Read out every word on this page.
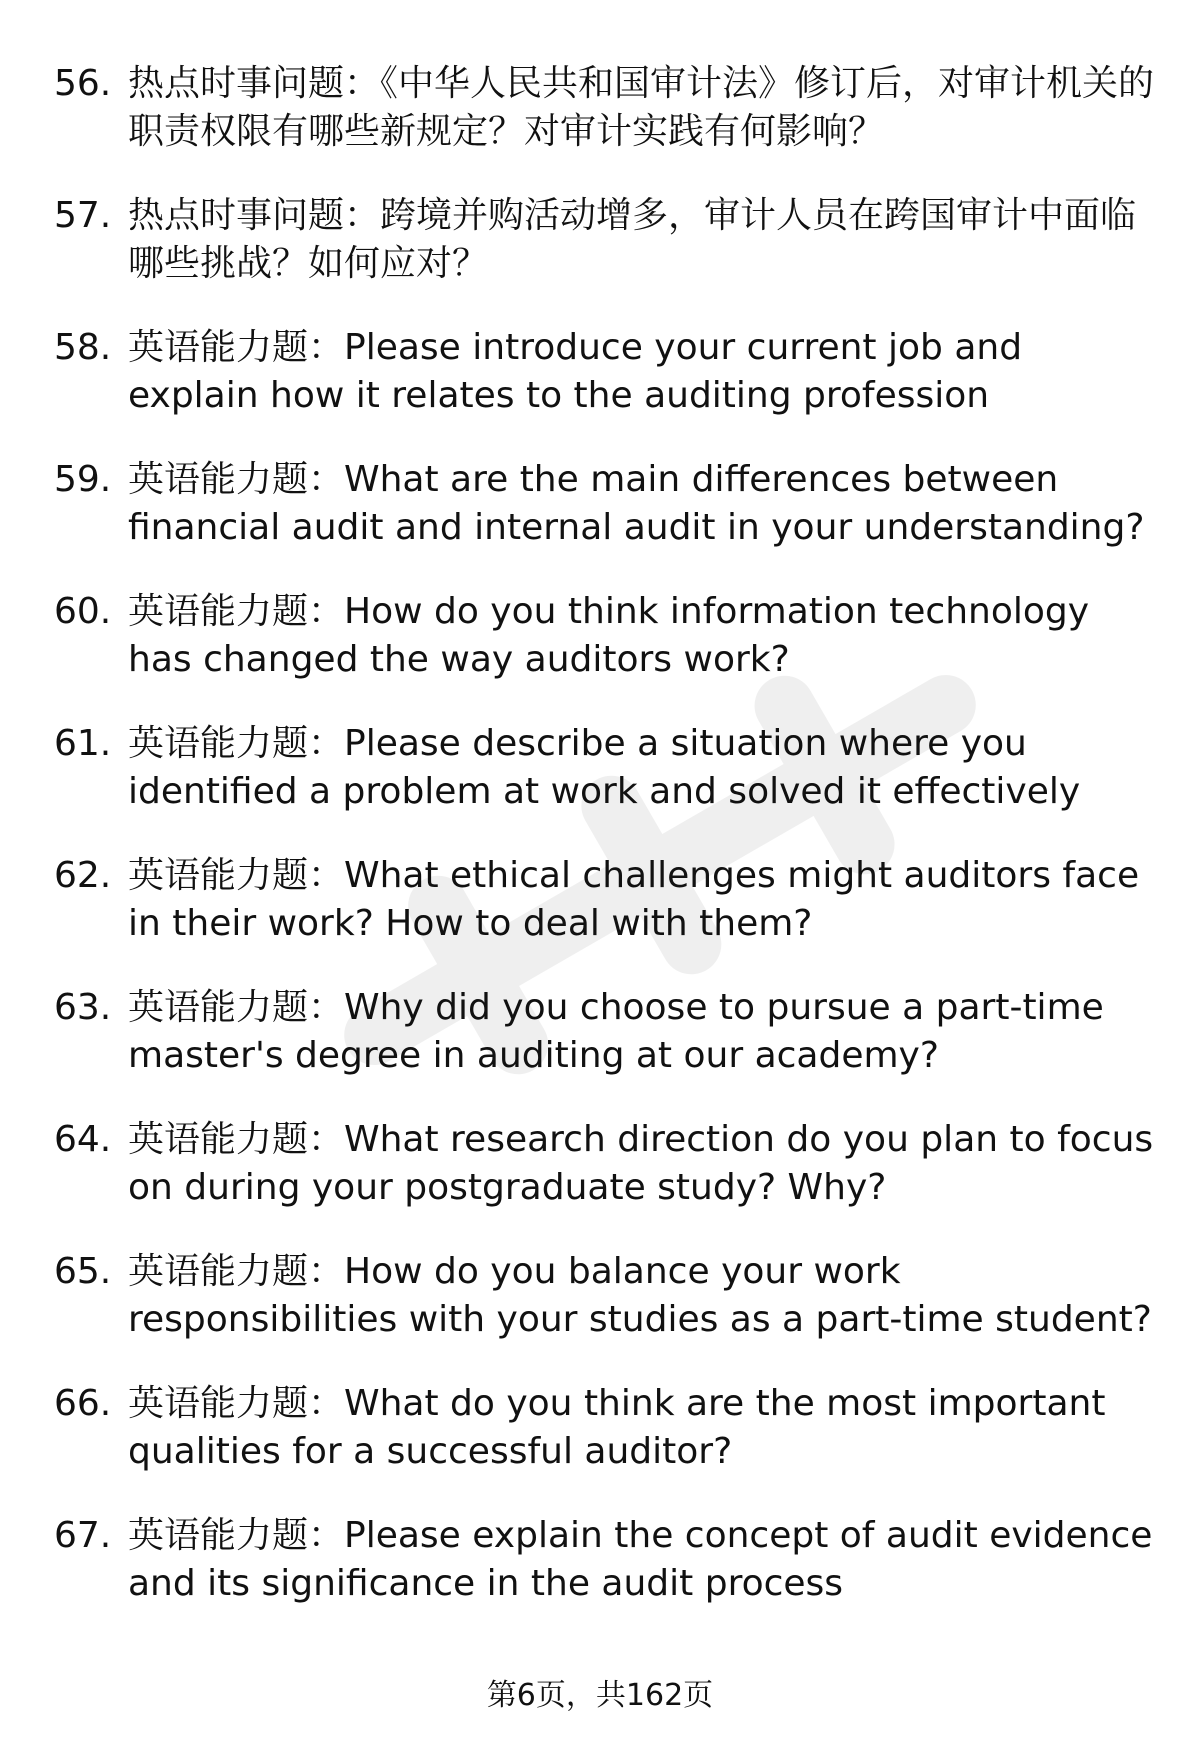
56. 热点时事问题：《中华人民共和国审计法》修订后，对审计机关的职责权限有哪些新规定？对审计实践有何影响？
57. 热点时事问题：跨境并购活动增多，审计人员在跨国审计中面临哪些挑战？如何应对？
58. 英语能力题：Please introduce your current job and explain how it relates to the auditing profession
59. 英语能力题：What are the main differences between financial audit and internal audit in your understanding?
60. 英语能力题：How do you think information technology has changed the way auditors work?
61. 英语能力题：Please describe a situation where you identified a problem at work and solved it effectively
62. 英语能力题：What ethical challenges might auditors face in their work? How to deal with them?
63. 英语能力题：Why did you choose to pursue a part-time master's degree in auditing at our academy?
64. 英语能力题：What research direction do you plan to focus on during your postgraduate study? Why?
65. 英语能力题：How do you balance your work responsibilities with your studies as a part-time student?
66. 英语能力题：What do you think are the most important qualities for a successful auditor?
67. 英语能力题：Please explain the concept of audit evidence and its significance in the audit process
第6页，共162页
